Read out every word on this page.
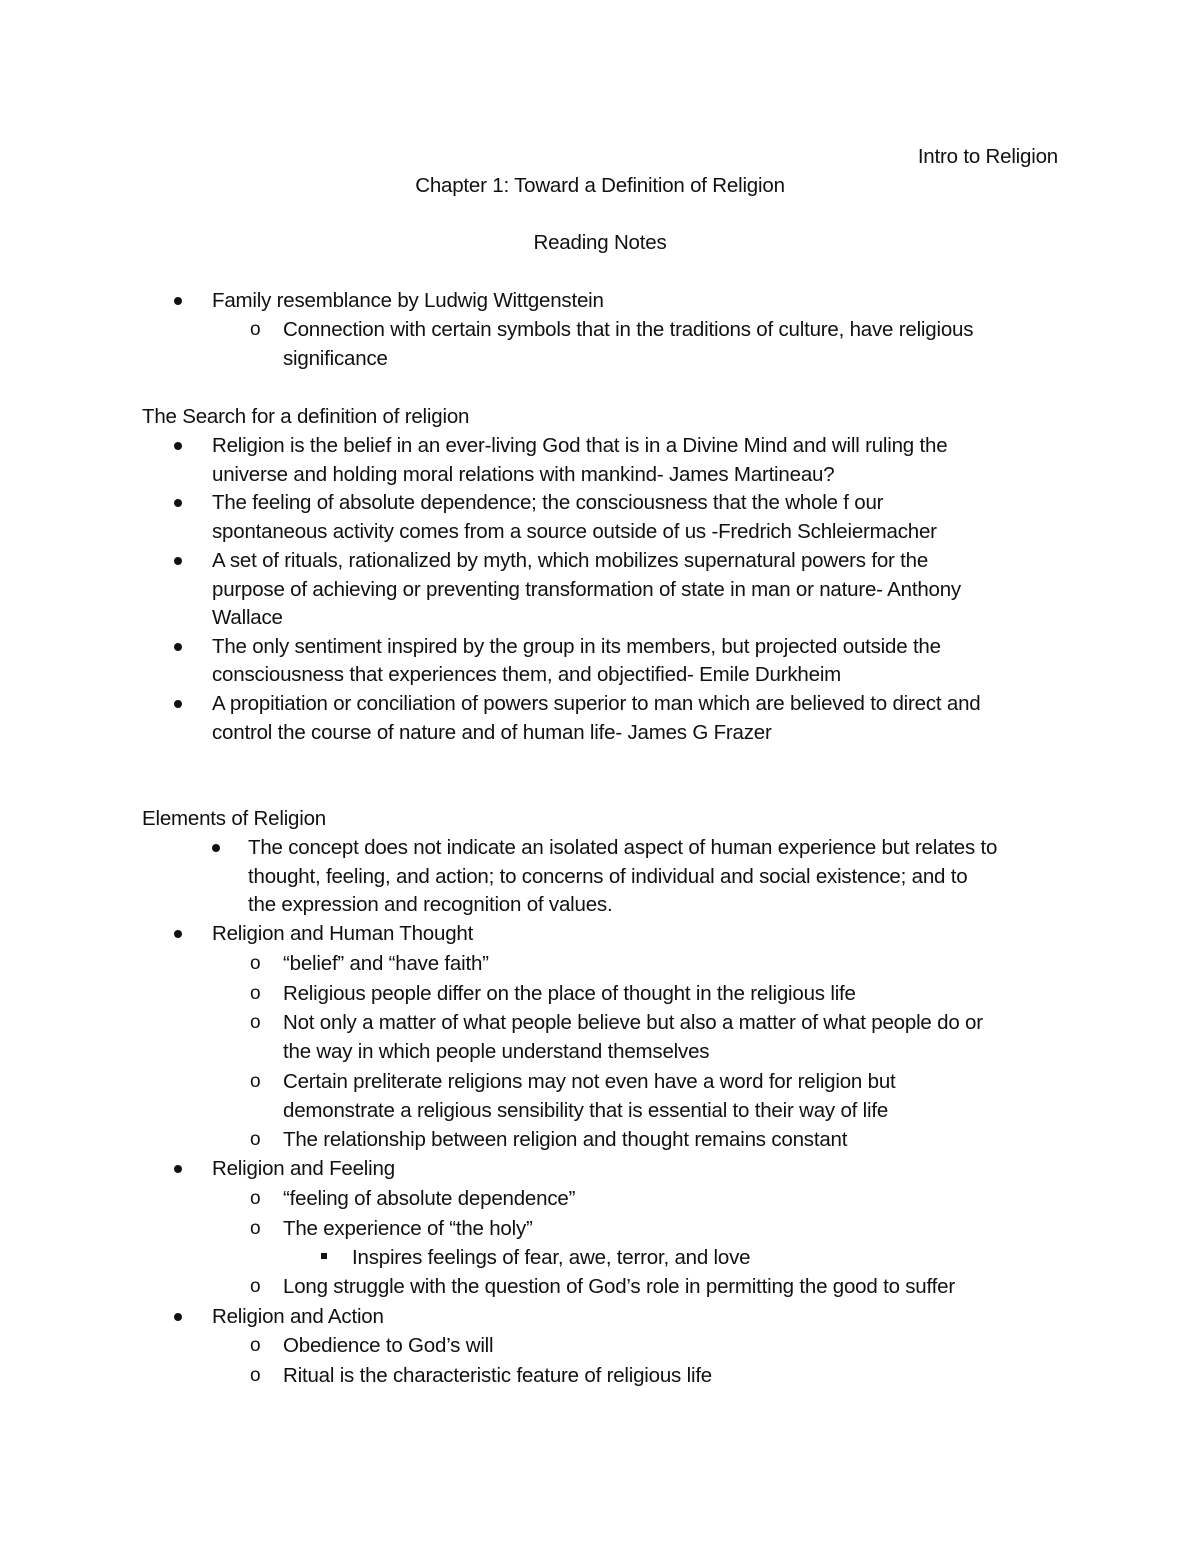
Intro to Religion
Chapter 1: Toward a Definition of Religion
Reading Notes
Family resemblance by Ludwig Wittgenstein
o Connection with certain symbols that in the traditions of culture, have religious
significance
The Search for a definition of religion
Religion is the belief in an ever-living God that is in a Divine Mind and will ruling the
universe and holding moral relations with mankind- James Martineau?
The feeling of absolute dependence; the consciousness that the whole f our
spontaneous activity comes from a source outside of us -Fredrich Schleiermacher
A set of rituals, rationalized by myth, which mobilizes supernatural powers for the
purpose of achieving or preventing transformation of state in man or nature- Anthony
Wallace
The only sentiment inspired by the group in its members, but projected outside the
consciousness that experiences them, and objectified- Emile Durkheim
A propitiation or conciliation of powers superior to man which are believed to direct and
control the course of nature and of human life- James G Frazer
Elements of Religion
The concept does not indicate an isolated aspect of human experience but relates to
thought, feeling, and action; to concerns of individual and social existence; and to
the expression and recognition of values.
Religion and Human Thought
o “belief” and “have faith”
o Religious people differ on the place of thought in the religious life
o Not only a matter of what people believe but also a matter of what people do or
the way in which people understand themselves
o Certain preliterate religions may not even have a word for religion but
demonstrate a religious sensibility that is essential to their way of life
o The relationship between religion and thought remains constant
Religion and Feeling
o “feeling of absolute dependence”
o The experience of “the holy”
Inspires feelings of fear, awe, terror, and love
o Long struggle with the question of God’s role in permitting the good to suffer
Religion and Action
o Obedience to God’s will
o Ritual is the characteristic feature of religious life
